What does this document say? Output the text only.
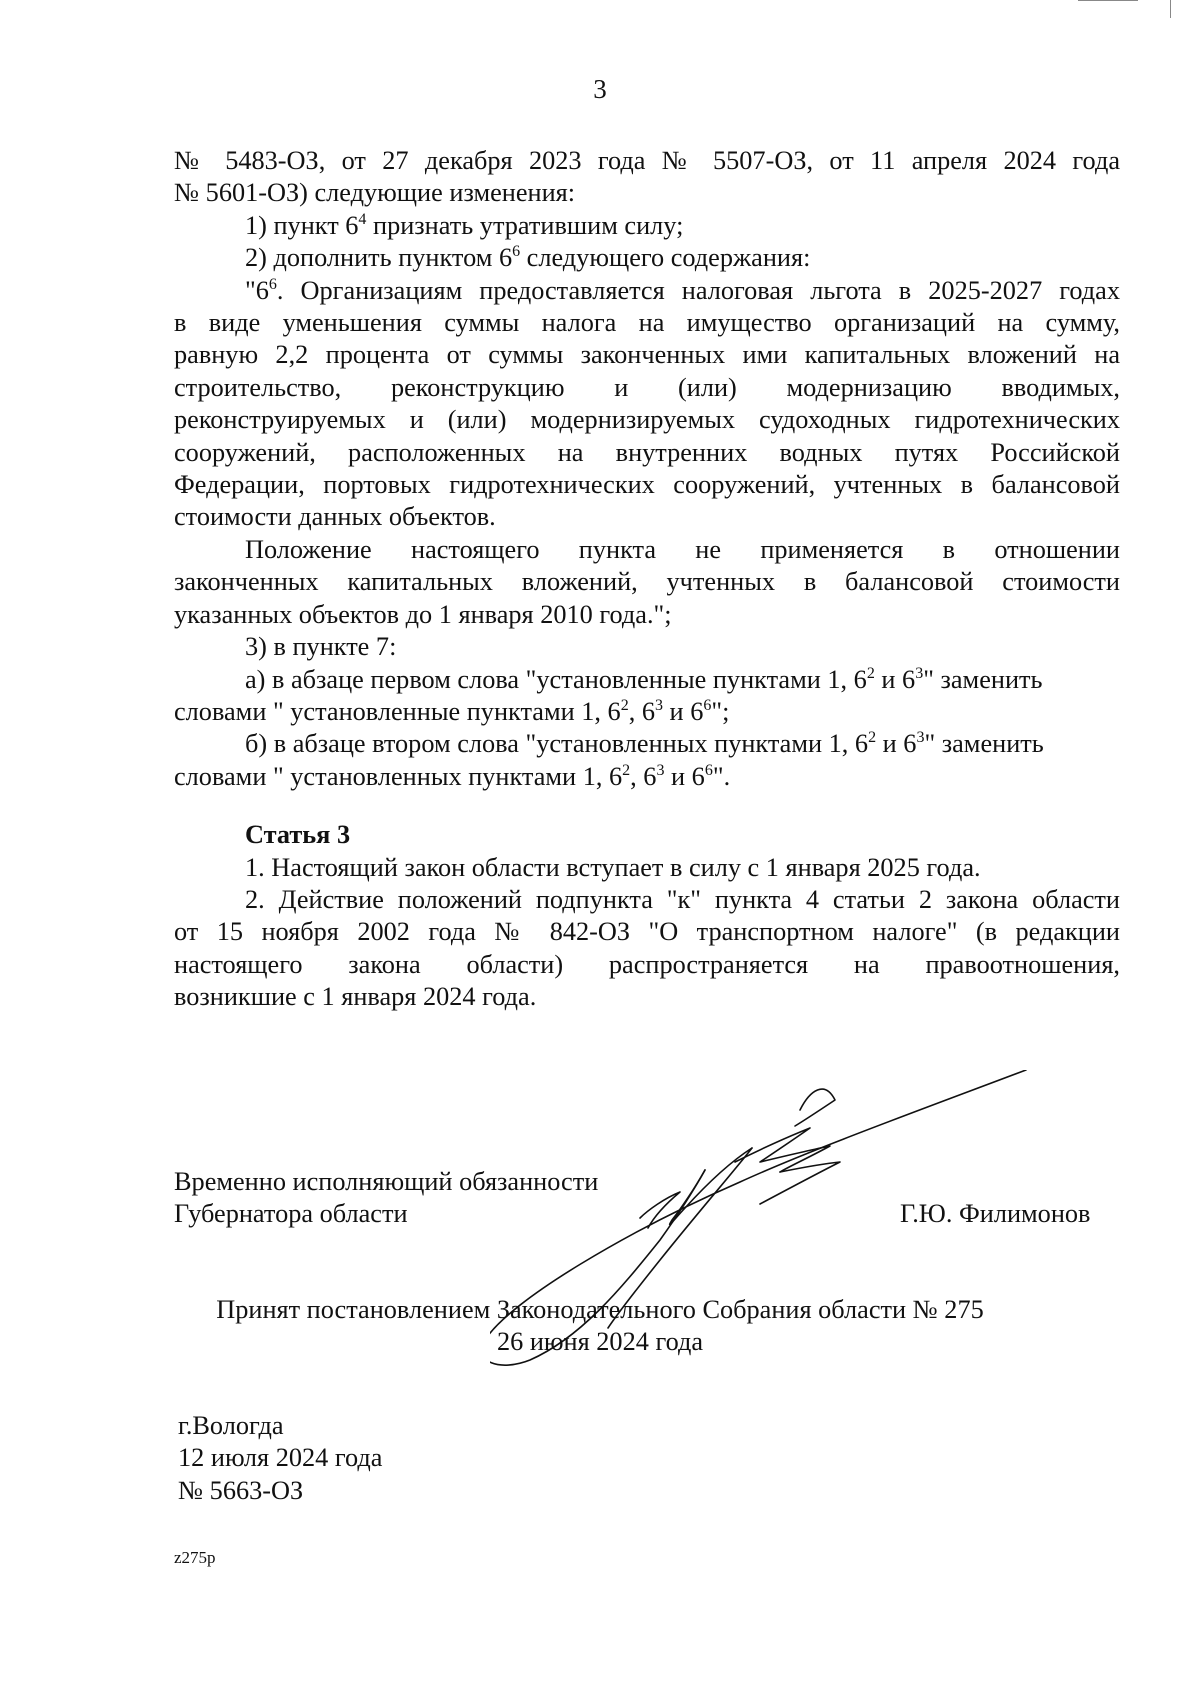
3

№ 5483-ОЗ, от 27 декабря 2023 года № 5507-ОЗ, от 11 апреля 2024 года

№ 5601-ОЗ) следующие изменения:

1) пункт $6^4$ признать утратившим силу;

2) дополнить пунктом $6^6$ следующего содержания:

"$6^6$. Организациям предоставляется налоговая льгота в 2025-2027 годах

в виде уменьшения суммы налога на имущество организаций на сумму,

равную 2,2 процента от суммы законченных ими капитальных вложений на

строительство, реконструкцию и (или) модернизацию вводимых,

реконструируемых и (или) модернизируемых судоходных гидротехнических

сооружений, расположенных на внутренних водных путях Российской

Федерации, портовых гидротехнических сооружений, учтенных в балансовой

стоимости данных объектов.

Положение настоящего пункта не применяется в отношении

законченных капитальных вложений, учтенных в балансовой стоимости

указанных объектов до 1 января 2010 года.";

3) в пункте 7:

а) в абзаце первом слова "установленные пунктами 1, $6^2$ и $6^3$" заменить

словами " установленные пунктами 1, $6^2$, $6^3$ и $6^6$";

б) в абзаце втором слова "установленных пунктами 1, $6^2$ и $6^3$" заменить

словами " установленных пунктами 1, $6^2$, $6^3$ и $6^6$".

Статья 3

1. Настоящий закон области вступает в силу с 1 января 2025 года.

2. Действие положений подпункта "к" пункта 4 статьи 2 закона области

от 15 ноября 2002 года № 842-ОЗ "О транспортном налоге" (в редакции

настоящего закона области) распространяется на правоотношения,

возникшие с 1 января 2024 года.

Временно исполняющий обязанности
Губернатора области	Г.Ю. Филимонов
Принят постановлением Законодательного Собрания области № 275
26 июня 2024 года
г.Вологда
12 июля 2024 года
№ 5663-ОЗ
z275р
